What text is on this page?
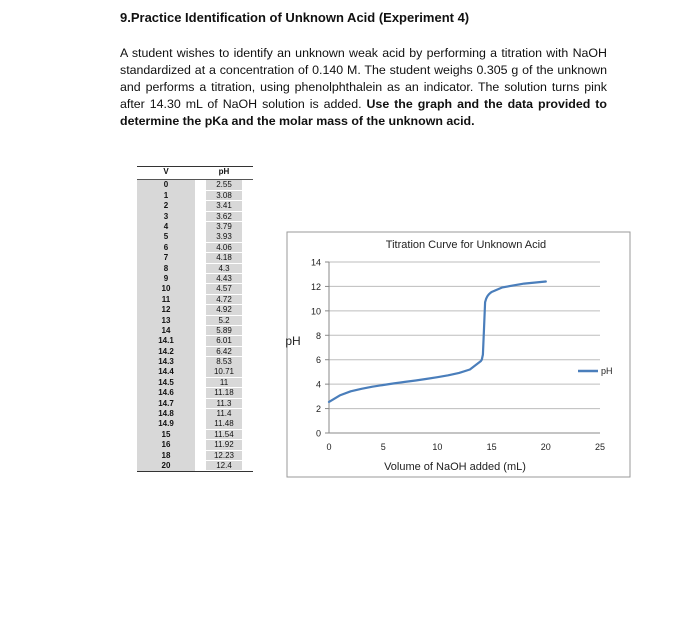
9.Practice Identification of Unknown Acid (Experiment 4)
A student wishes to identify an unknown weak acid by performing a titration with NaOH standardized at a concentration of 0.140 M. The student weighs 0.305 g of the unknown and performs a titration, using phenolphthalein as an indicator. The solution turns pink after 14.30 mL of NaOH solution is added. Use the graph and the data provided to determine the pKa and the molar mass of the unknown acid.
V	pH
0	2.55
1	3.08
2	3.41
3	3.62
4	3.79
5	3.93
6	4.06
7	4.18
8	4.3
9	4.43
10	4.57
11	4.72
12	4.92
13	5.2
14	5.89
14.1	6.01
14.2	6.42
14.3	8.53
14.4	10.71
14.5	11
14.6	11.18
14.7	11.3
14.8	11.4
14.9	11.48
15	11.54
16	11.92
18	12.23
20	12.4
Titration Curve for Unknown Acid
pH
Volume of NaOH added (mL)
0
2
4
6
8
10
12
14
0	5	10	15	20	25
pH
